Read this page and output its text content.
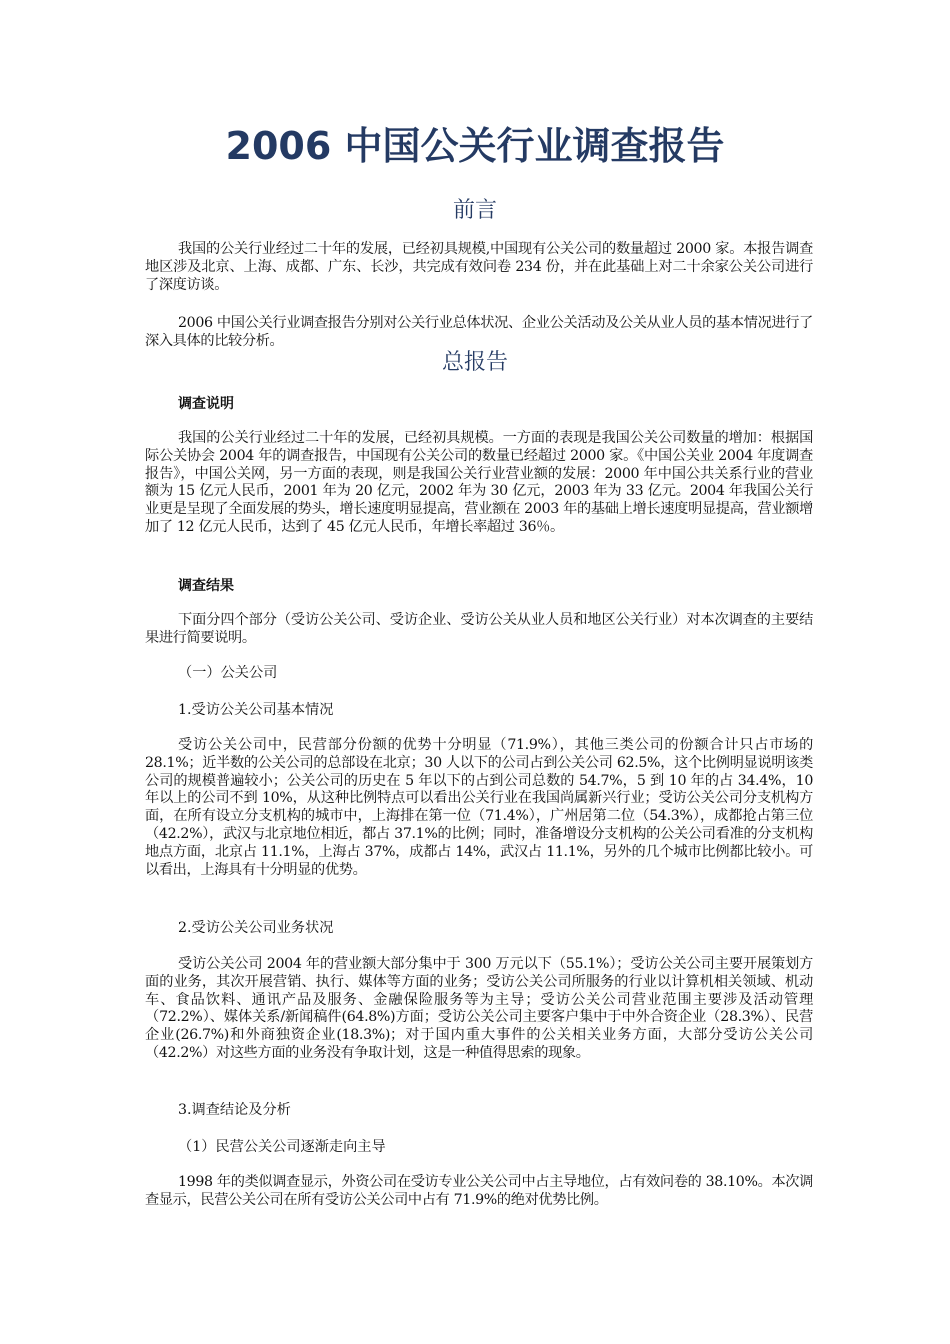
2006 中国公关行业调查报告
前言

我国的公关行业经过二十年的发展，已经初具规模,中国现有公关公司的数量超过 2000 家。本报告调查地区涉及北京、上海、成都、广东、长沙，共完成有效问卷 234 份，并在此基础上对二十余家公关公司进行了深度访谈。

2006 中国公关行业调查报告分别对公关行业总体状况、企业公关活动及公关从业人员的基本情况进行了深入具体的比较分析。

总报告
调查说明

我国的公关行业经过二十年的发展，已经初具规模。一方面的表现是我国公关公司数量的增加：根据国际公关协会 2004 年的调查报告，中国现有公关公司的数量已经超过 2000 家。《中国公关业 2004 年度调查报告》，中国公关网，另一方面的表现，则是我国公关行业营业额的发展：2000 年中国公共关系行业的营业额为 15 亿元人民币，2001 年为 20 亿元，2002 年为 30 亿元，2003 年为 33 亿元。2004 年我国公关行业更是呈现了全面发展的势头，增长速度明显提高，营业额在 2003 年的基础上增长速度明显提高，营业额增加了 12 亿元人民币，达到了 45 亿元人民币，年增长率超过 36％。

调查结果

下面分四个部分（受访公关公司、受访企业、受访公关从业人员和地区公关行业）对本次调查的主要结果进行简要说明。

（一）公关公司
1.受访公关公司基本情况

受访公关公司中，民营部分份额的优势十分明显（71.9%），其他三类公司的份额合计只占市场的 28.1%；近半数的公关公司的总部设在北京；30 人以下的公司占到公关公司 62.5%，这个比例明显说明该类公司的规模普遍较小；公关公司的历史在 5 年以下的占到公司总数的 54.7%，5 到 10 年的占 34.4%，10 年以上的公司不到 10%，从这种比例特点可以看出公关行业在我国尚属新兴行业；受访公关公司分支机构方面，在所有设立分支机构的城市中，上海排在第一位（71.4%），广州居第二位（54.3%），成都抢占第三位（42.2%），武汉与北京地位相近，都占 37.1%的比例；同时，准备增设分支机构的公关公司看准的分支机构地点方面，北京占 11.1%，上海占 37%，成都占 14%，武汉占 11.1%，另外的几个城市比例都比较小。可以看出，上海具有十分明显的优势。

2.受访公关公司业务状况

受访公关公司 2004 年的营业额大部分集中于 300 万元以下（55.1%）；受访公关公司主要开展策划方面的业务，其次开展营销、执行、媒体等方面的业务；受访公关公司所服务的行业以计算机相关领域、机动车、食品饮料、通讯产品及服务、金融保险服务等为主导；受访公关公司营业范围主要涉及活动管理（72.2%）、媒体关系/新闻稿件(64.8%)方面；受访公关公司主要客户集中于中外合资企业（28.3%）、民营企业(26.7%)和外商独资企业(18.3%)；对于国内重大事件的公关相关业务方面，大部分受访公关公司（42.2%）对这些方面的业务没有争取计划，这是一种值得思索的现象。

3.调查结论及分析
（1）民营公关公司逐渐走向主导

1998 年的类似调查显示，外资公司在受访专业公关公司中占主导地位，占有效问卷的 38.10%。本次调查显示，民营公关公司在所有受访公关公司中占有 71.9%的绝对优势比例。
